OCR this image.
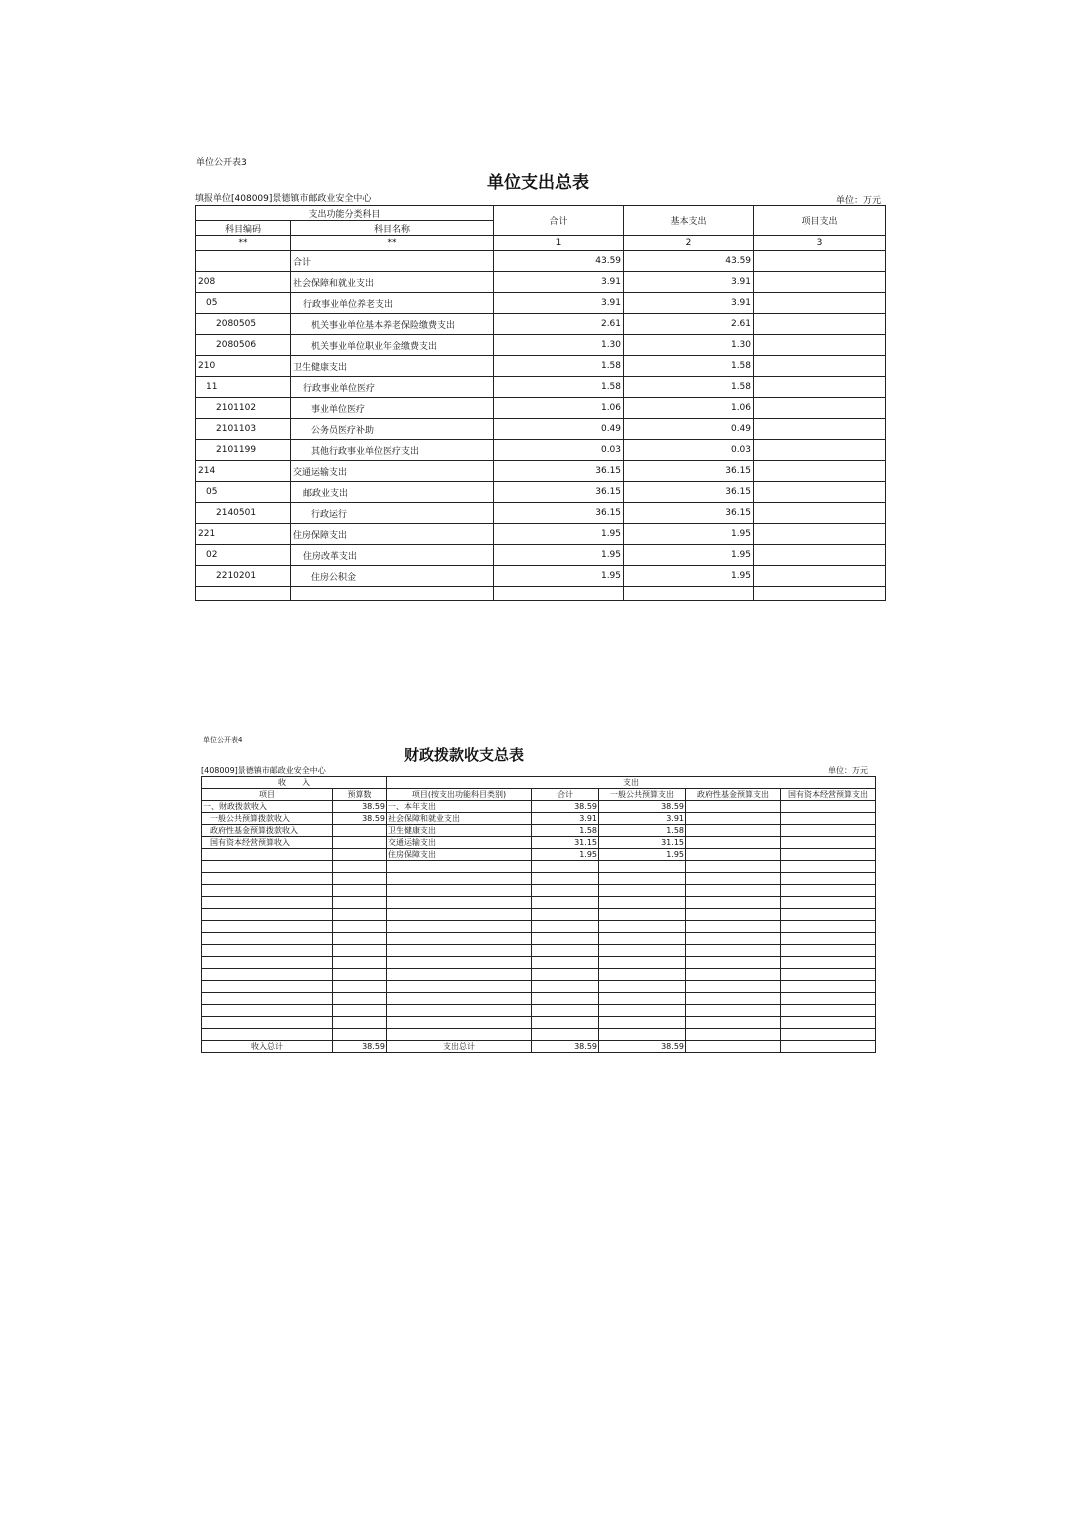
单位公开表3
单位支出总表
填报单位[408009]景德镇市邮政业安全中心	单位：万元
支出功能分类科目		合计	基本支出	项目支出
科目编码	科目名称			
**	**	1	2	3
	合计	43.59	43.59	
208	社会保障和就业支出	3.91	3.91	
05	行政事业单位养老支出	3.91	3.91	
2080505	机关事业单位基本养老保险缴费支出	2.61	2.61	
2080506	机关事业单位职业年金缴费支出	1.30	1.30	
210	卫生健康支出	1.58	1.58	
11	行政事业单位医疗	1.58	1.58	
2101102	事业单位医疗	1.06	1.06	
2101103	公务员医疗补助	0.49	0.49	
2101199	其他行政事业单位医疗支出	0.03	0.03	
214	交通运输支出	36.15	36.15	
05	邮政业支出	36.15	36.15	
2140501	行政运行	36.15	36.15	
221	住房保障支出	1.95	1.95	
02	住房改革支出	1.95	1.95	
2210201	住房公积金	1.95	1.95	

单位公开表4
财政拨款收支总表
[408009]景德镇市邮政业安全中心	单位：万元
收　　入		支出				
项目	预算数	项目(按支出功能科目类别)	合计	一般公共预算支出	政府性基金预算支出	国有资本经营预算支出
一、财政拨款收入	38.59	一、本年支出	38.59	38.59		
一般公共预算拨款收入	38.59	社会保障和就业支出	3.91	3.91		
政府性基金预算拨款收入		卫生健康支出	1.58	1.58		
国有资本经营预算收入		交通运输支出	31.15	31.15		
		住房保障支出	1.95	1.95		

收入总计	38.59	支出总计	38.59	38.59		
